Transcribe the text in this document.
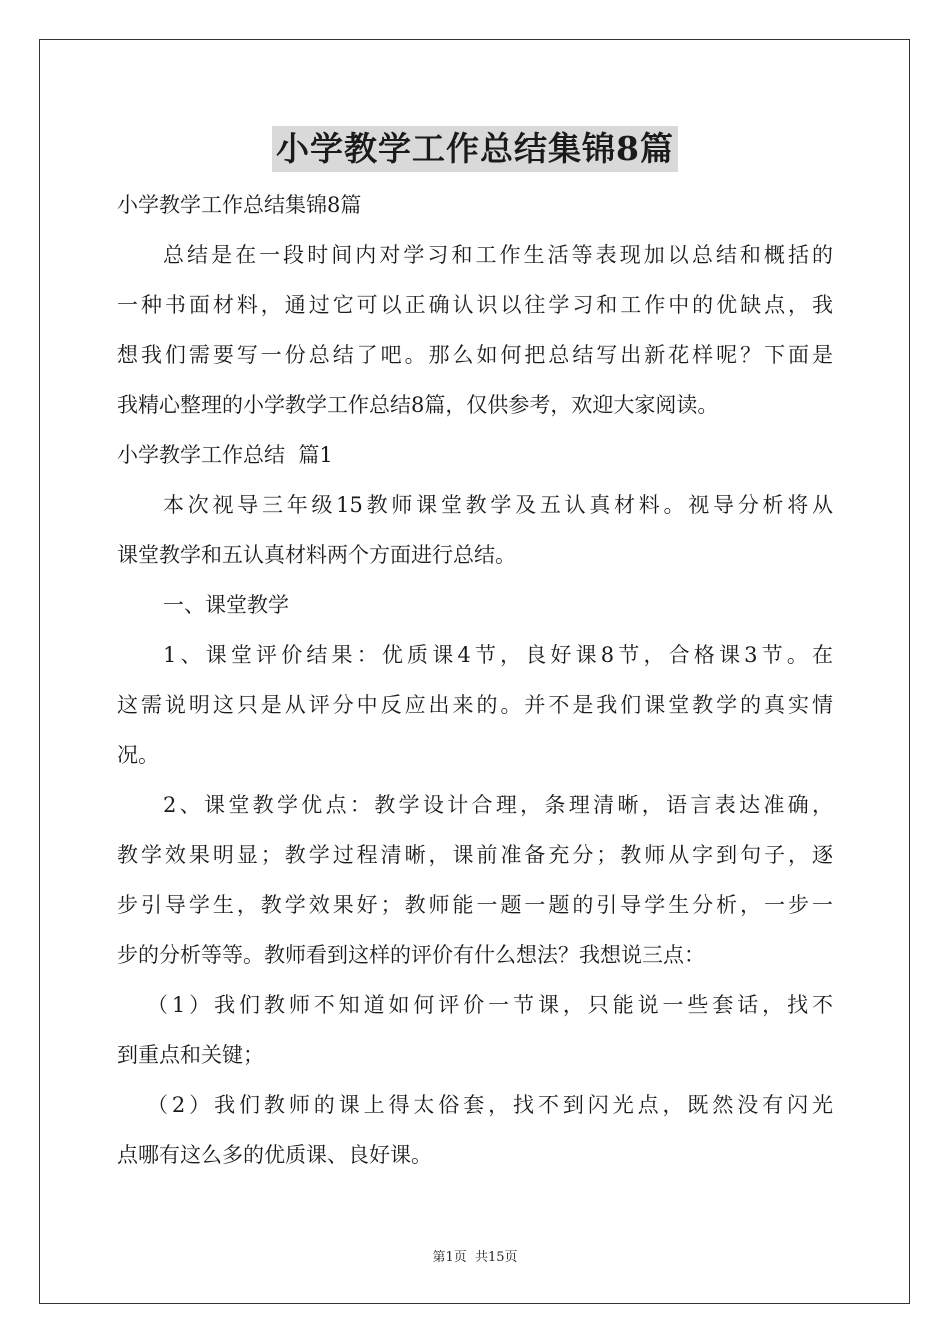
小学教学工作总结集锦8篇
小学教学工作总结集锦8篇
总结是在一段时间内对学习和工作生活等表现加以总结和概括的
一种书面材料，通过它可以正确认识以往学习和工作中的优缺点，我
想我们需要写一份总结了吧。那么如何把总结写出新花样呢？下面是
我精心整理的小学教学工作总结8篇，仅供参考，欢迎大家阅读。
小学教学工作总结  篇1
本次视导三年级15教师课堂教学及五认真材料。视导分析将从
课堂教学和五认真材料两个方面进行总结。
一、课堂教学
1、课堂评价结果：优质课4节，良好课8节，合格课3节。在
这需说明这只是从评分中反应出来的。并不是我们课堂教学的真实情
况。
2、课堂教学优点：教学设计合理，条理清晰，语言表达准确，
教学效果明显；教学过程清晰，课前准备充分；教师从字到句子，逐
步引导学生，教学效果好；教师能一题一题的引导学生分析，一步一
步的分析等等。教师看到这样的评价有什么想法？我想说三点：
（1）我们教师不知道如何评价一节课，只能说一些套话，找不
到重点和关键；
（2）我们教师的课上得太俗套，找不到闪光点，既然没有闪光
点哪有这么多的优质课、良好课。
第1页 共15页
